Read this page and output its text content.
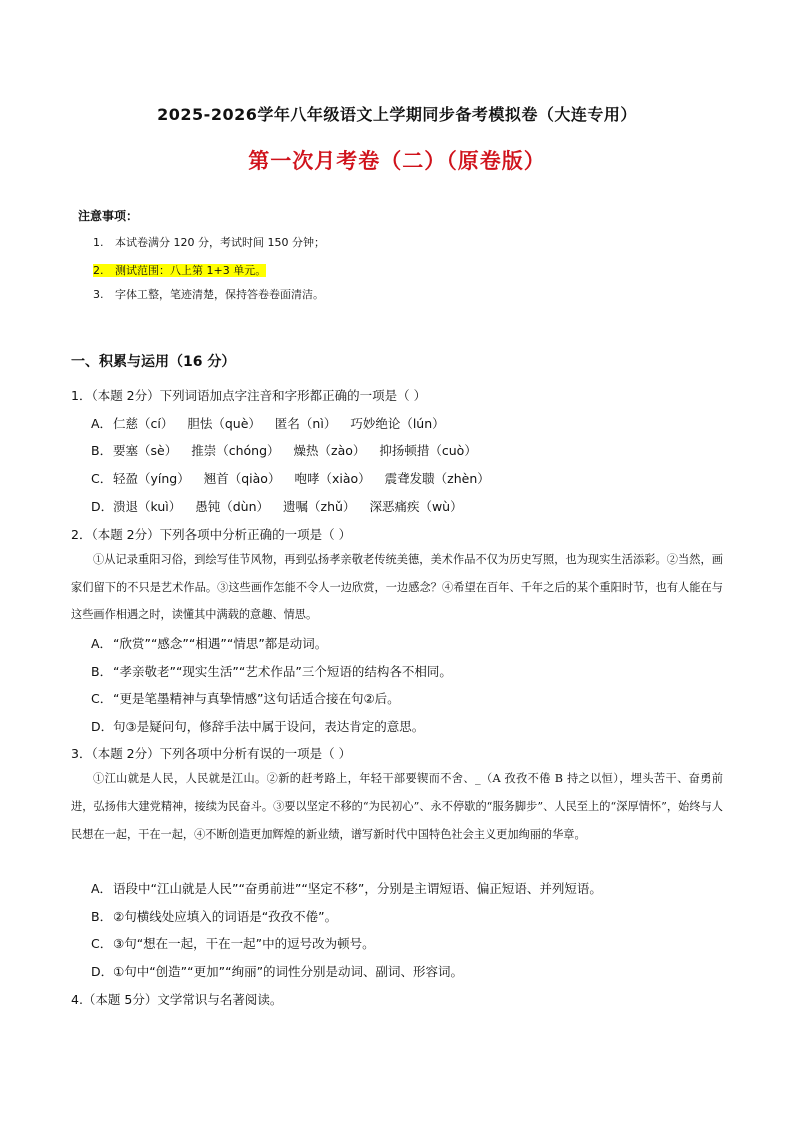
2025-2026学年八年级语文上学期同步备考模拟卷（大连专用）
第一次月考卷（二）（原卷版）
注意事项：
1. 本试卷满分 120 分，考试时间 150 分钟；
2. 测试范围：八上第 1+3 单元。
3. 字体工整，笔迹清楚，保持答卷卷面清洁。
一、积累与运用（16 分）
1．（本题 2分）下列词语加点字注音和字形都正确的一项是（ ）
A．仁慈（cí） 胆怯（què） 匿名（nì） 巧妙绝论（lún）
B．要塞（sè） 推崇（chóng） 燥热（zào） 抑扬顿措（cuò）
C．轻盈（yíng） 翘首（qiào） 咆哮（xiào） 震聋发聩（zhèn）
D．溃退（kuì） 愚钝（dùn） 遗嘱（zhǔ） 深恶痛疾（wù）
2．（本题 2分）下列各项中分析正确的一项是（ ）
①从记录重阳习俗，到绘写佳节风物，再到弘扬孝亲敬老传统美德，美术作品不仅为历史写照，也为现实生活添彩。②当然，画家们留下的不只是艺术作品。③这些画作怎能不令人一边欣赏，一边感念？④希望在百年、千年之后的某个重阳时节，也有人能在与这些画作相遇之时，读懂其中满载的意趣、情思。
A．“欣赏”“感念”“相遇”“情思”都是动词。
B．“孝亲敬老”“现实生活”“艺术作品”三个短语的结构各不相同。
C．“更是笔墨精神与真挚情感”这句话适合接在句②后。
D．句③是疑问句，修辞手法中属于设问，表达肯定的意思。
3．（本题 2分）下列各项中分析有误的一项是（ ）
①江山就是人民，人民就是江山。②新的赶考路上，年轻干部要锲而不舍、_（A 孜孜不倦 B 持之以恒），埋头苦干、奋勇前进，弘扬伟大建党精神，接续为民奋斗。③要以坚定不移的“为民初心”、永不停歇的“服务脚步”、人民至上的“深厚情怀”，始终与人民想在一起，干在一起，④不断创造更加辉煌的新业绩，谱写新时代中国特色社会主义更加绚丽的华章。
A．语段中“江山就是人民”“奋勇前进”“坚定不移”，分别是主谓短语、偏正短语、并列短语。
B．②句横线处应填入的词语是“孜孜不倦”。
C．③句“想在一起，干在一起”中的逗号改为顿号。
D．①句中“创造”“更加”“绚丽”的词性分别是动词、副词、形容词。
4.（本题 5分）文学常识与名著阅读。
